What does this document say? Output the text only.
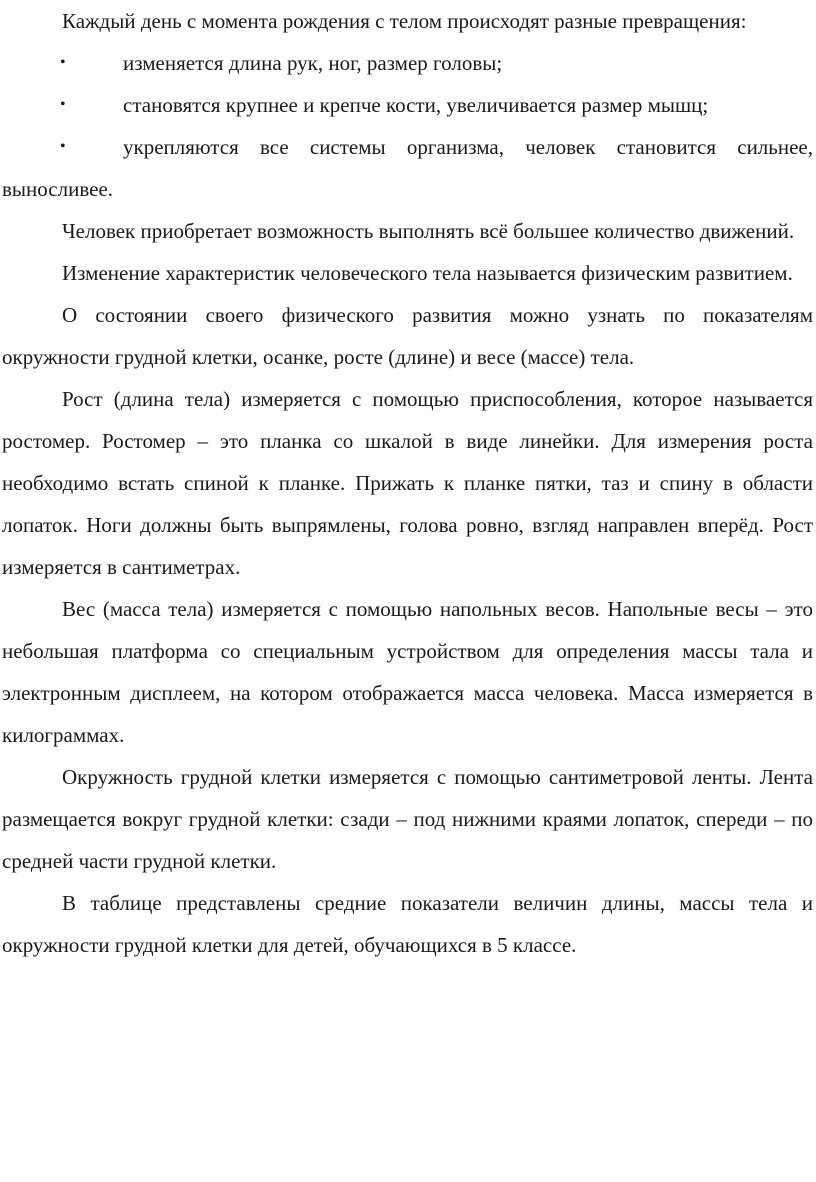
Каждый день с момента рождения с телом происходят разные превращения:

•	изменяется длина рук, ног, размер головы;

•	становятся крупнее и крепче кости, увеличивается размер мышц;

•	укрепляются все системы организма, человек становится сильнее, выносливее.

Человек приобретает возможность выполнять всё большее количество движений.

Изменение характеристик человеческого тела называется физическим развитием.

О состоянии своего физического развития можно узнать по показателям окружности грудной клетки, осанке, росте (длине) и весе (массе) тела.

Рост (длина тела) измеряется с помощью приспособления, которое называется ростомер. Ростомер – это планка со шкалой в виде линейки. Для измерения роста необходимо встать спиной к планке. Прижать к планке пятки, таз и спину в области лопаток. Ноги должны быть выпрямлены, голова ровно, взгляд направлен вперёд. Рост измеряется в сантиметрах.

Вес (масса тела) измеряется с помощью напольных весов. Напольные весы – это небольшая платформа со специальным устройством для определения массы тала и электронным дисплеем, на котором отображается масса человека. Масса измеряется в килограммах.

Окружность грудной клетки измеряется с помощью сантиметровой ленты. Лента размещается вокруг грудной клетки: сзади – под нижними краями лопаток, спереди – по средней части грудной клетки.

В таблице представлены средние показатели величин длины, массы тела и окружности грудной клетки для детей, обучающихся в 5 классе.
